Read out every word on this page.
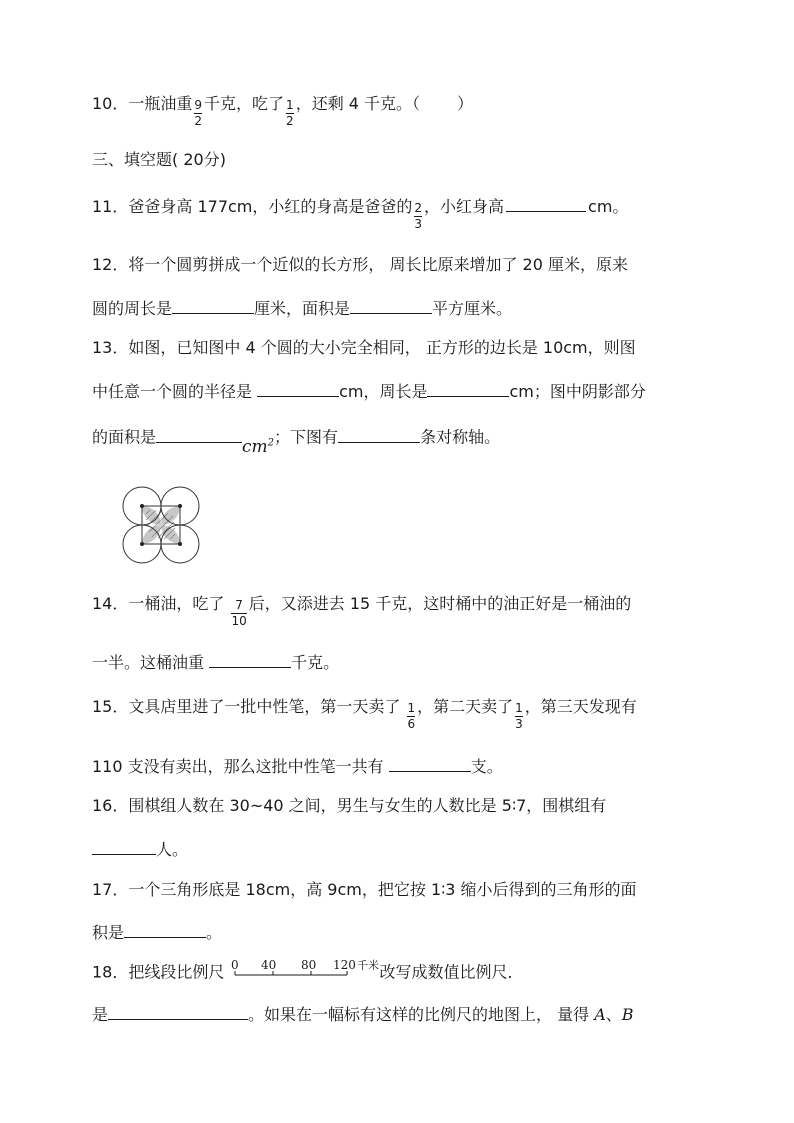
10．一瓶油重 $\frac{9}{2}$ 千克，吃了 $\frac{1}{2}$ ，还剩 4 千克。（　　 ）
三、填空题( 20分)
11．爸爸身高 177cm，小红的身高是爸爸的 $\frac{2}{3}$ ，小红身高	cm。
12．将一个圆剪拼成一个近似的长方形， 周长比原来增加了 20 厘米，原来
圆的周长是	厘米，面积是	平方厘米。
13．如图，已知图中 4 个圆的大小完全相同， 正方形的边长是 10cm，则图
中任意一个圆的半径是	cm，周长是	cm；图中阴影部分
的面积是	$cm^2$；下图有	条对称轴。
14．一桶油，吃了 $\frac{7}{10}$ 后，又添进去 15 千克，这时桶中的油正好是一桶油的
一半。这桶油重	千克。
15．文具店里进了一批中性笔，第一天卖了 $\frac{1}{6}$ ，第二天卖了 $\frac{1}{3}$ ，第三天发现有
110 支没有卖出，那么这批中性笔一共有	支。
16．围棋组人数在 30~40 之间，男生与女生的人数比是 5∶7，围棋组有
人。
17．一个三角形底是 18cm，高 9cm，把它按 1∶3 缩小后得到的三角形的面
积是	。
18．把线段比例尺 0 40 80 120 千米 改写成数值比例尺．
是	。如果在一幅标有这样的比例尺的地图上， 量得 A、B
